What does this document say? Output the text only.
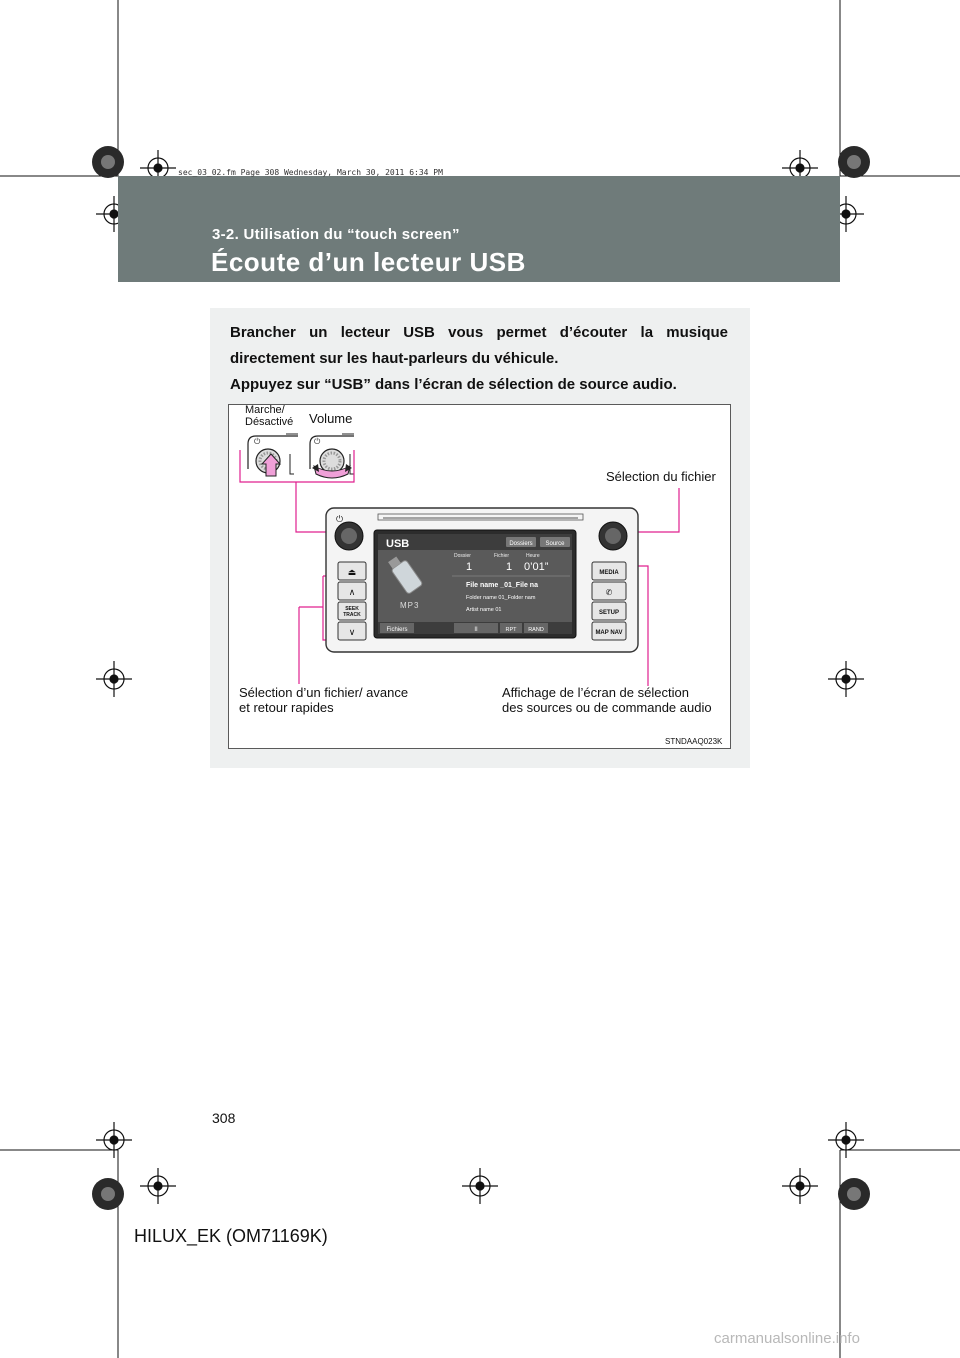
sec_03_02.fm Page 308 Wednesday, March 30, 2011 6:34 PM
3-2. Utilisation du “touch screen”
Écoute d’un lecteur USB
Brancher un lecteur USB vous permet d’écouter la musique
directement sur les haut-parleurs du véhicule.
Appuyez sur “USB” dans l’écran de sélection de source audio.
⏻	⏻
⏻
⏏
∧
SEEK
TRACK
∨
MEDIA
✆
SETUP
MAP NAV
USB	Dossiers Source
Dossier	Fichier	Heure
1	1 0’01”
File name _01_File na
Folder name 01_Folder nam
Artist name 01
MP3
Fichiers	II	RPT RAND
Marche/
Désactivé Volume
Sélection du fichier
Sélection d’un fichier/ avance
et retour rapides
Affichage de l’écran de sélection
des sources ou de commande audio
STNDAAQ023K
308
HILUX_EK (OM71169K)
carmanualsonline.info
